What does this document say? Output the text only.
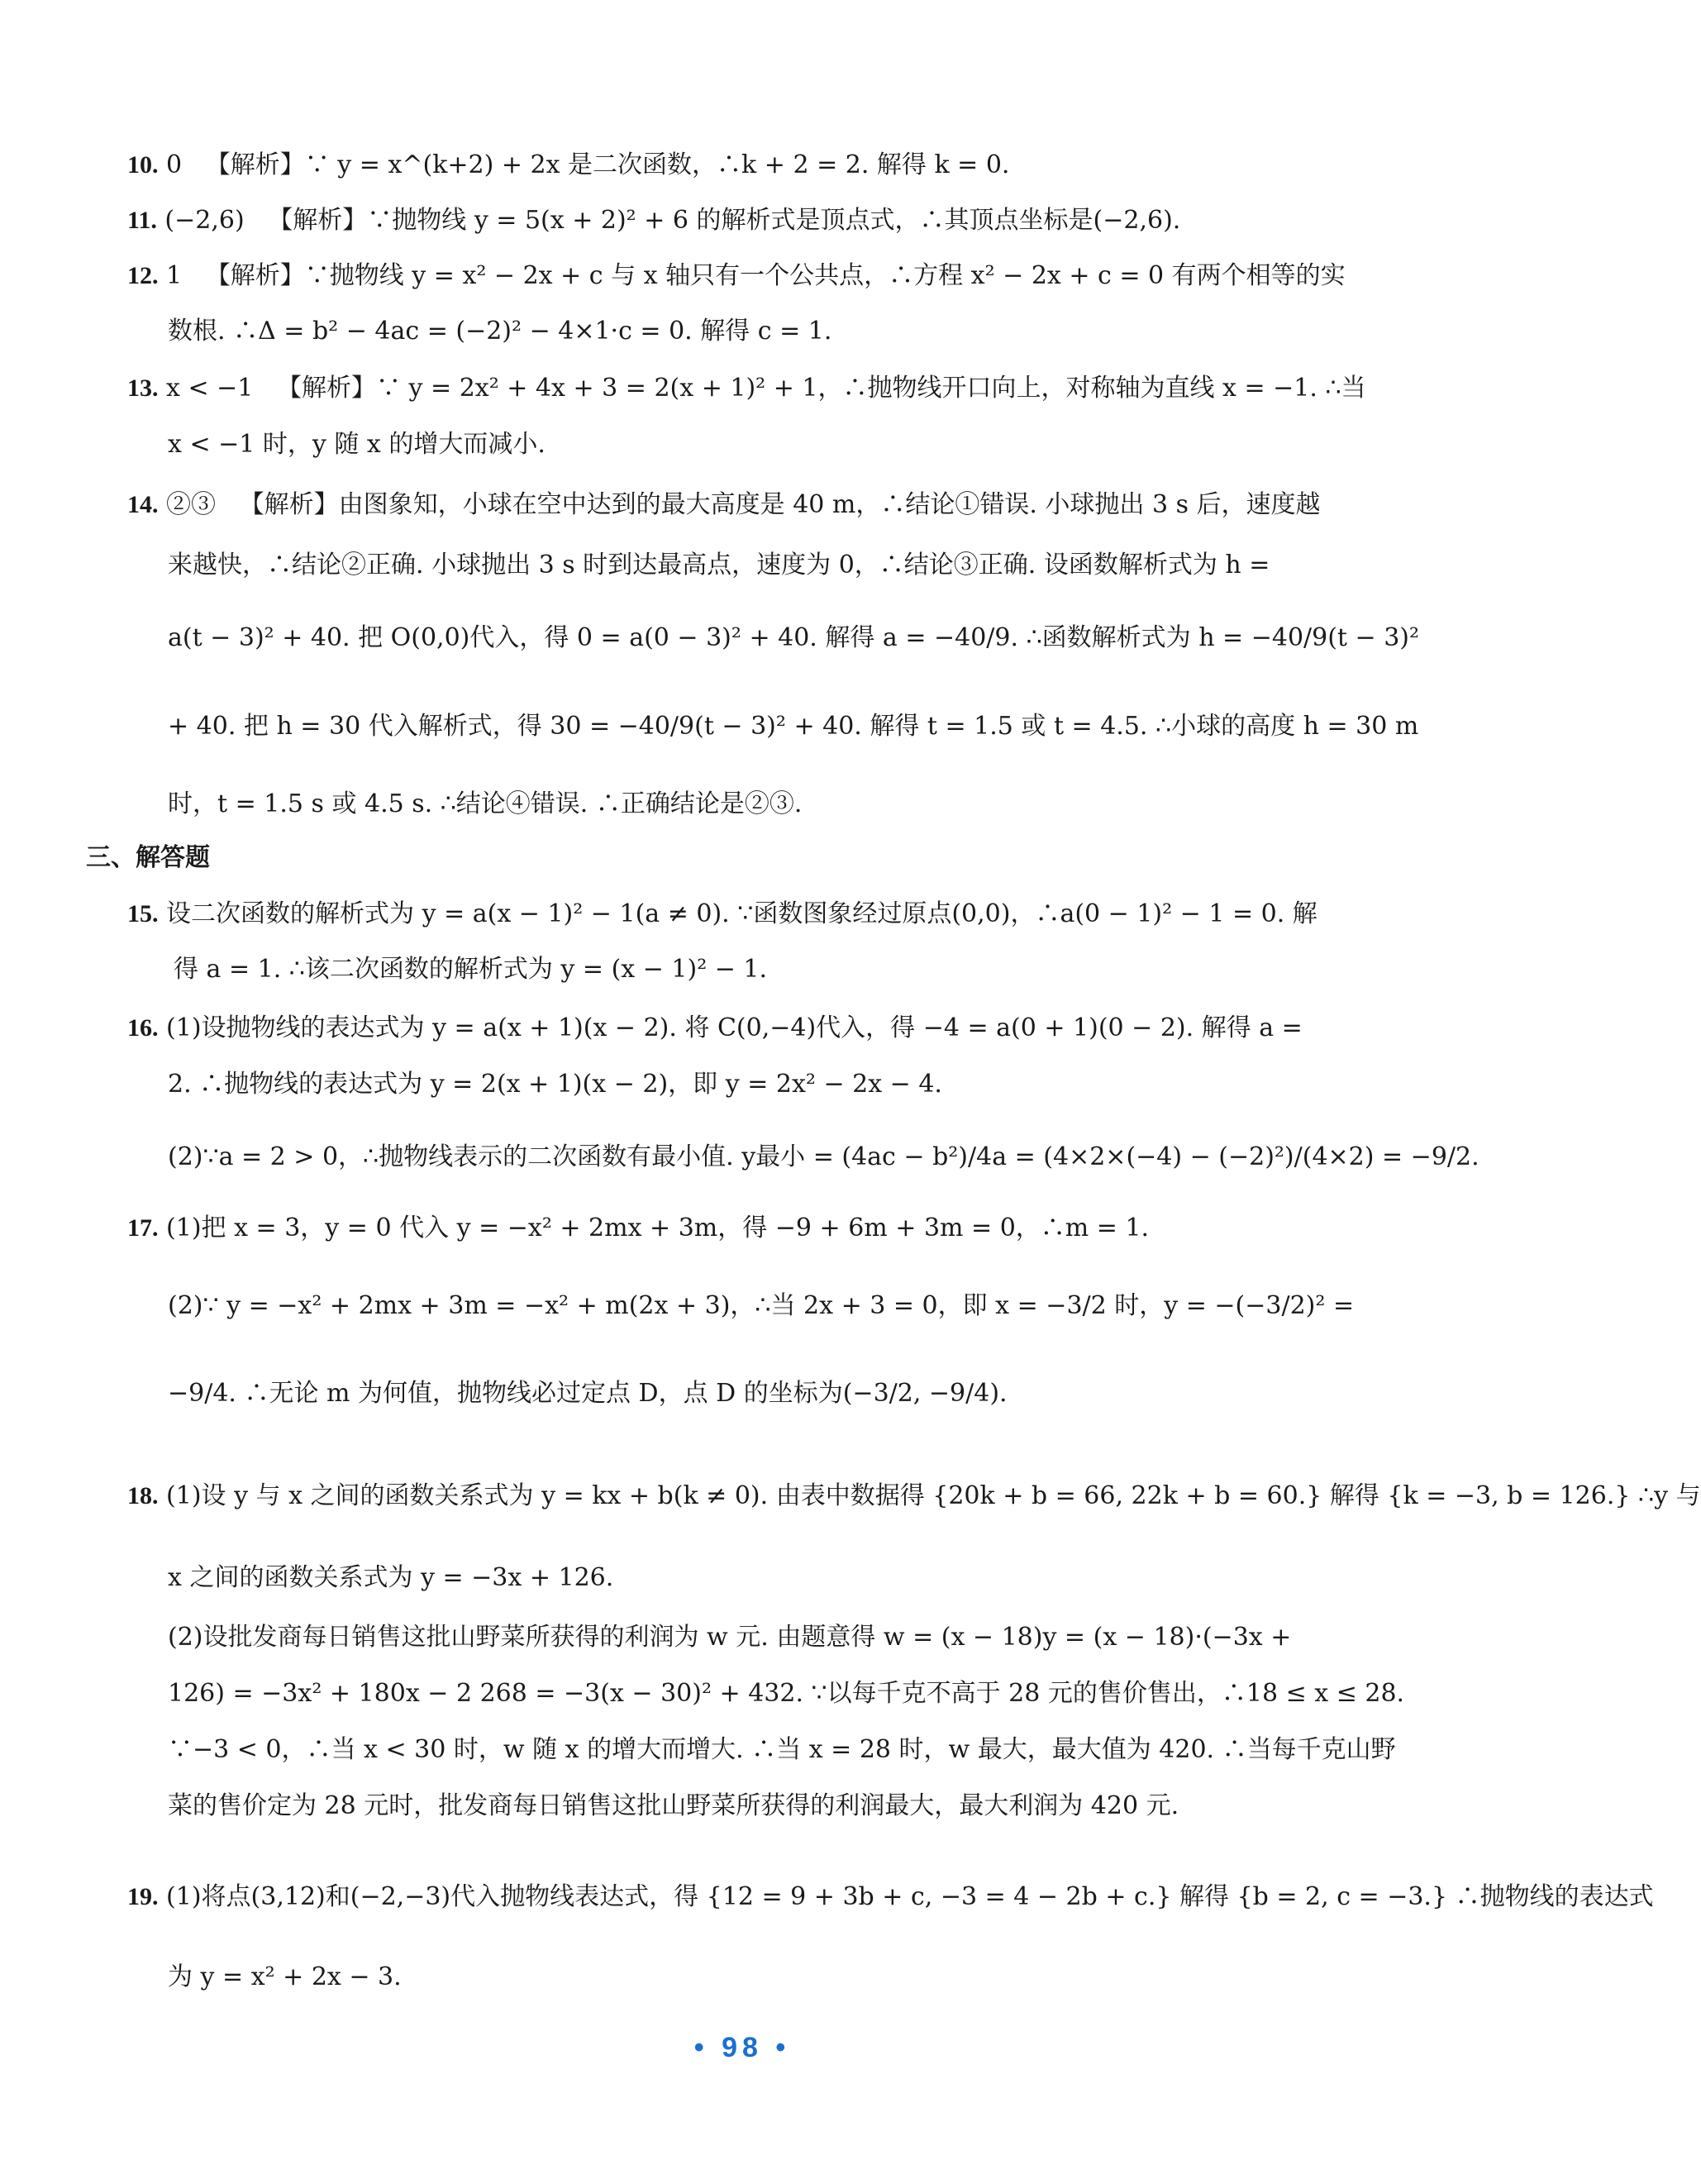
10. 0 【解析】∵ y = x^(k+2) + 2x 是二次函数，∴k + 2 = 2. 解得 k = 0.
11. (−2,6) 【解析】∵抛物线 y = 5(x + 2)² + 6 的解析式是顶点式，∴其顶点坐标是(−2,6).
12. 1 【解析】∵抛物线 y = x² − 2x + c 与 x 轴只有一个公共点，∴方程 x² − 2x + c = 0 有两个相等的实
数根. ∴Δ = b² − 4ac = (−2)² − 4×1·c = 0. 解得 c = 1.
13. x < −1 【解析】∵ y = 2x² + 4x + 3 = 2(x + 1)² + 1，∴抛物线开口向上，对称轴为直线 x = −1. ∴当
x < −1 时，y 随 x 的增大而减小.
14. ②③ 【解析】由图象知，小球在空中达到的最大高度是 40 m，∴结论①错误. 小球抛出 3 s 后，速度越
来越快，∴结论②正确. 小球抛出 3 s 时到达最高点，速度为 0，∴结论③正确. 设函数解析式为 h =
a(t − 3)² + 40. 把 O(0,0)代入，得 0 = a(0 − 3)² + 40. 解得 a = −40/9. ∴函数解析式为 h = −40/9(t − 3)²
+ 40. 把 h = 30 代入解析式，得 30 = −40/9(t − 3)² + 40. 解得 t = 1.5 或 t = 4.5. ∴小球的高度 h = 30 m
时，t = 1.5 s 或 4.5 s. ∴结论④错误. ∴正确结论是②③.
三、解答题
15. 设二次函数的解析式为 y = a(x − 1)² − 1(a ≠ 0). ∵函数图象经过原点(0,0)，∴a(0 − 1)² − 1 = 0. 解
得 a = 1. ∴该二次函数的解析式为 y = (x − 1)² − 1.
16. (1)设抛物线的表达式为 y = a(x + 1)(x − 2). 将 C(0,−4)代入，得 −4 = a(0 + 1)(0 − 2). 解得 a =
2. ∴抛物线的表达式为 y = 2(x + 1)(x − 2)，即 y = 2x² − 2x − 4.
(2)∵a = 2 > 0，∴抛物线表示的二次函数有最小值. y最小 = (4ac − b²)/4a = (4×2×(−4) − (−2)²)/(4×2) = −9/2.
17. (1)把 x = 3，y = 0 代入 y = −x² + 2mx + 3m，得 −9 + 6m + 3m = 0，∴m = 1.
(2)∵ y = −x² + 2mx + 3m = −x² + m(2x + 3)，∴当 2x + 3 = 0，即 x = −3/2 时，y = −(−3/2)² =
−9/4. ∴无论 m 为何值，抛物线必过定点 D，点 D 的坐标为(−3/2, −9/4).
18. (1)设 y 与 x 之间的函数关系式为 y = kx + b(k ≠ 0). 由表中数据得 {20k + b = 66, 22k + b = 60.} 解得 {k = −3, b = 126.} ∴y 与
x 之间的函数关系式为 y = −3x + 126.
(2)设批发商每日销售这批山野菜所获得的利润为 w 元. 由题意得 w = (x − 18)y = (x − 18)·(−3x +
126) = −3x² + 180x − 2 268 = −3(x − 30)² + 432. ∵以每千克不高于 28 元的售价售出，∴18 ≤ x ≤ 28.
∵−3 < 0，∴当 x < 30 时，w 随 x 的增大而增大. ∴当 x = 28 时，w 最大，最大值为 420. ∴当每千克山野
菜的售价定为 28 元时，批发商每日销售这批山野菜所获得的利润最大，最大利润为 420 元.
19. (1)将点(3,12)和(−2,−3)代入抛物线表达式，得 {12 = 9 + 3b + c, −3 = 4 − 2b + c.} 解得 {b = 2, c = −3.} ∴抛物线的表达式
为 y = x² + 2x − 3.
• 98 •
